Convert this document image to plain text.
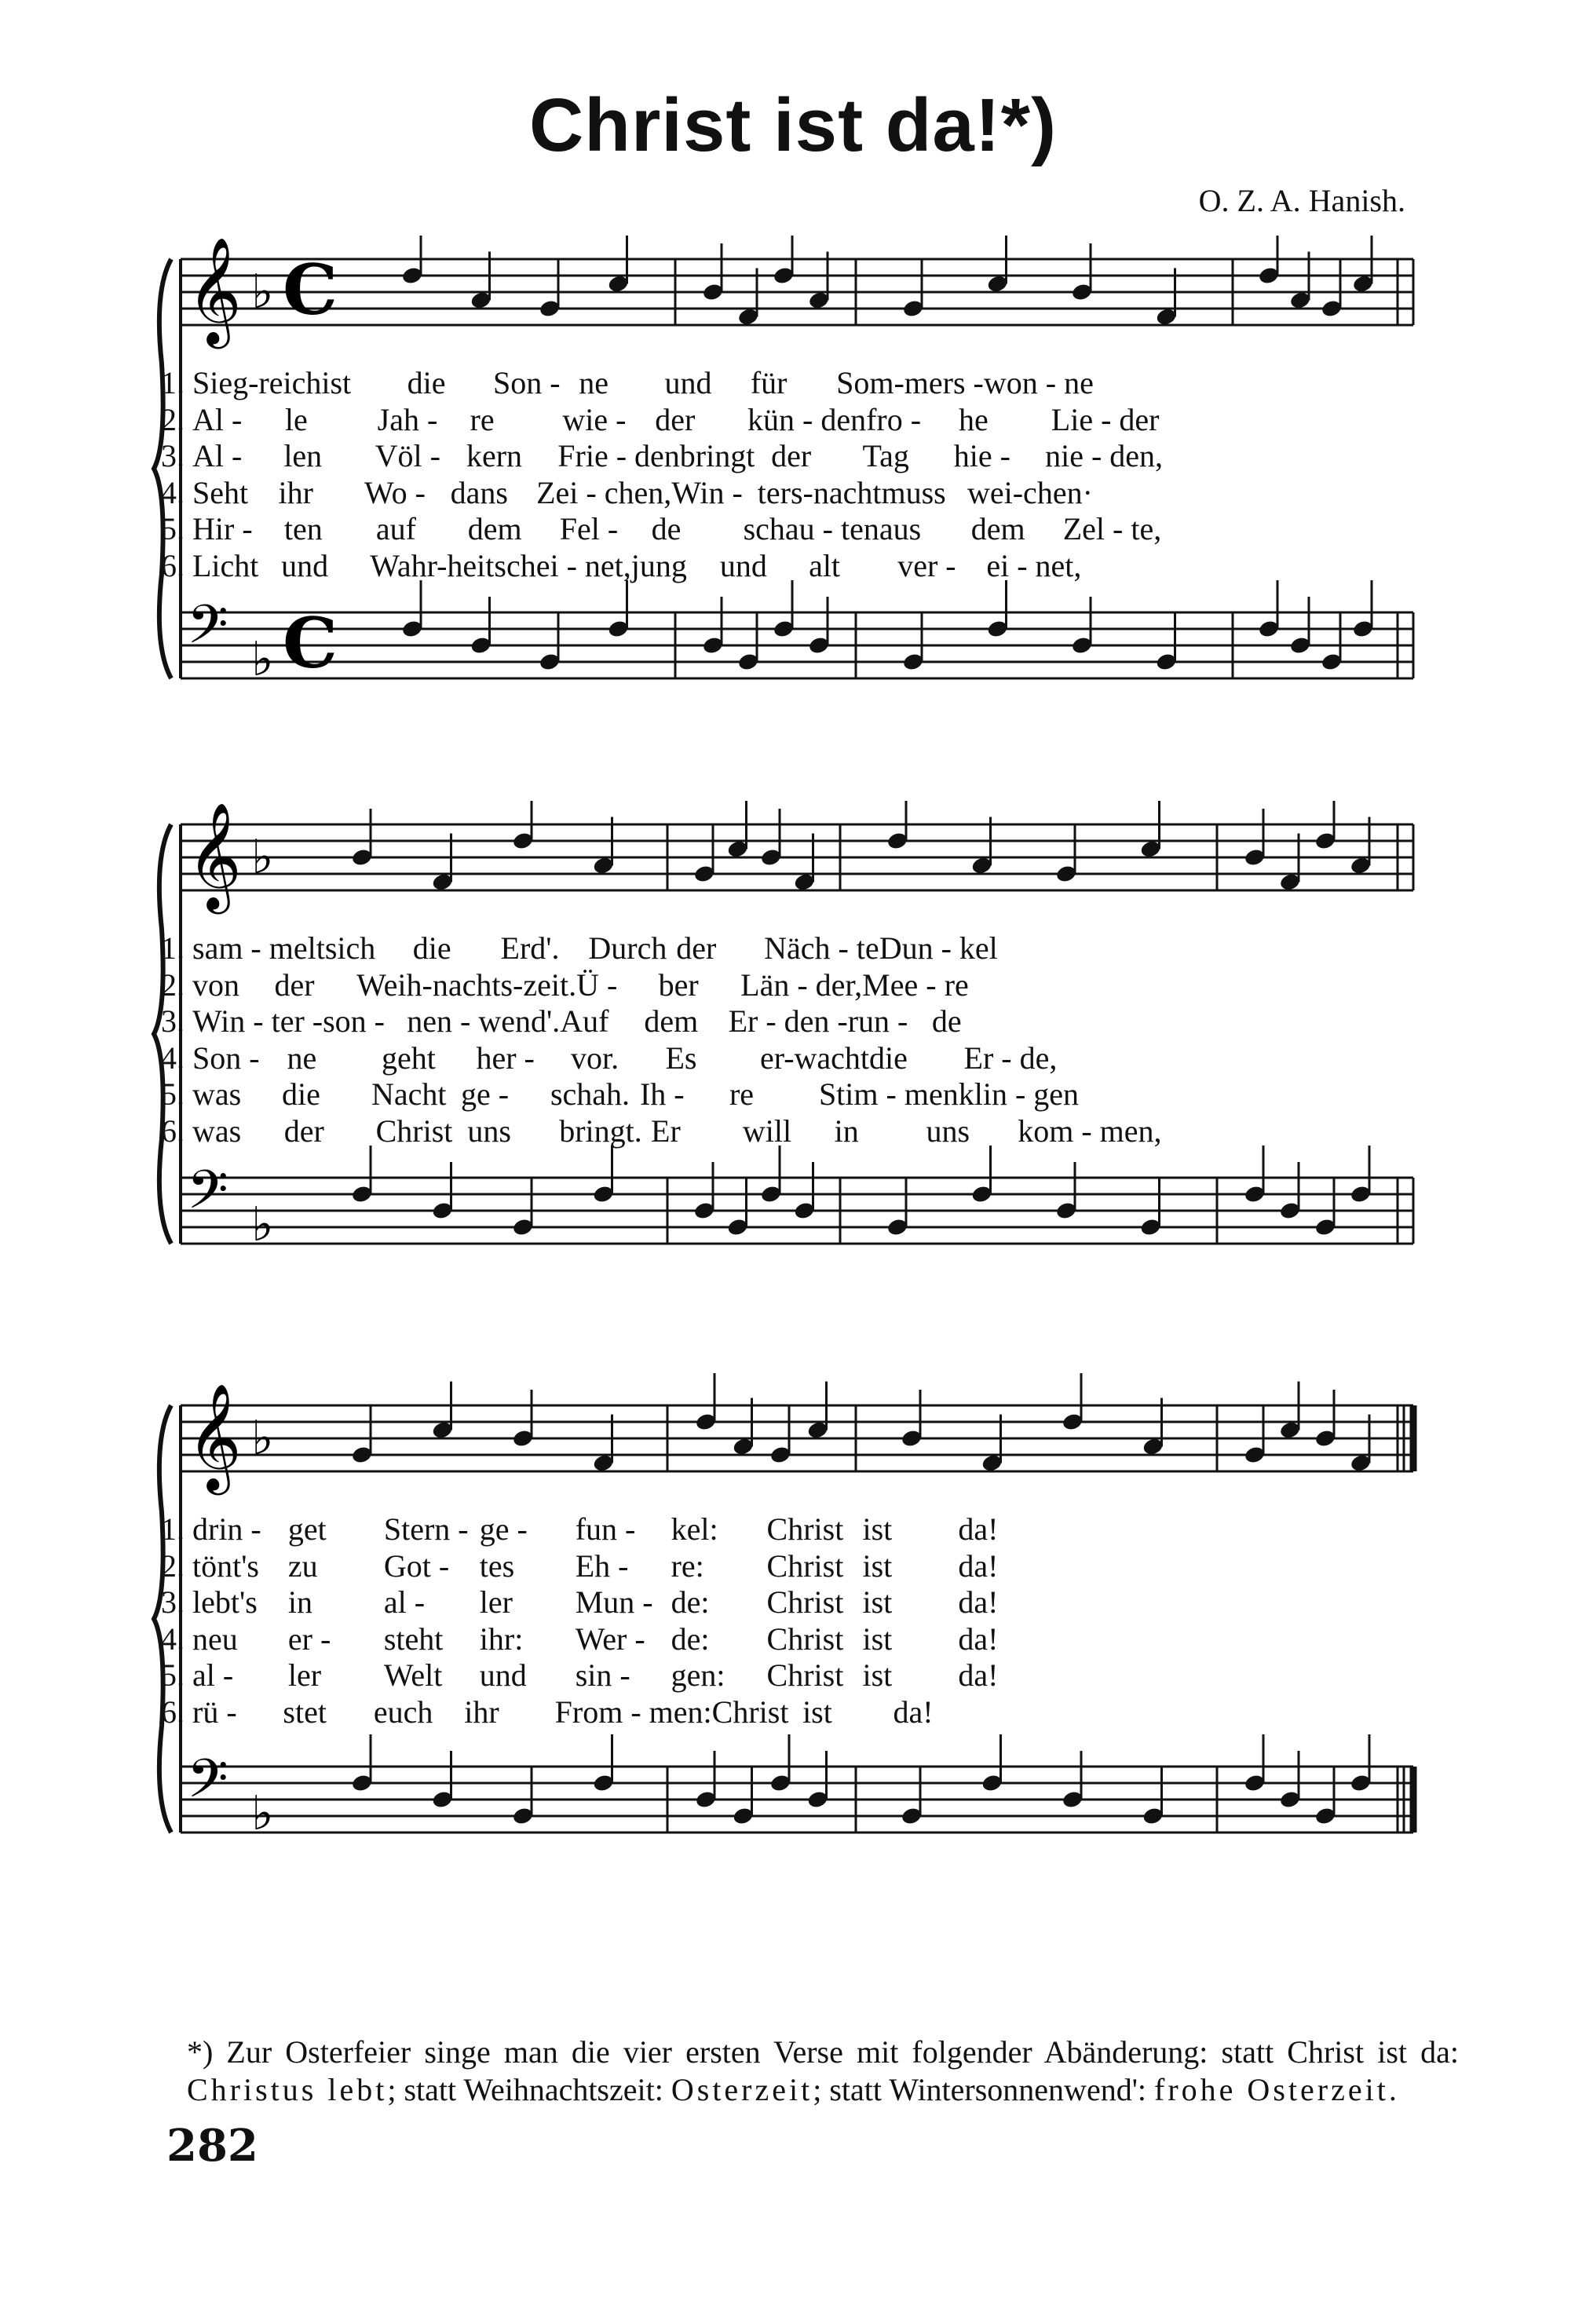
Christ ist da!*)
O. Z. A. Hanish.
𝄞 ♭ C
𝄢 ♭ C
1. Sieg-reich ist	die	Son - ne	und	für	Som-mers - won - ne
2. Al -	le	Jah -	re	wie - der	kün - den fro -	he	Lie - der
3. Al -	len	Völ - kern	Frie - den bringt der	Tag	hie -	nie - den,
4. Seht ihr	Wo - dans Zei - chen, Win - ters-nacht muss wei-chen·
5. Hir -	ten	auf	dem	Fel -	de	schau - ten aus	dem	Zel - te,
6. Licht und	Wahr-heit schei - net, jung	und	alt	ver - ei - net,
𝄞 ♭
𝄢 ♭
1. sam - melt sich	die	Erd'. Durch der	Näch - te Dun - kel
2. von	der	Weih-nachts-zeit. Ü -	ber	Län - der, Mee - re
3. Win - ter - son - nen - wend'. Auf	dem Er - den - run - de
4. Son - ne	geht	her -	vor.	Es	er-wacht die	Er - de,
5. was	die	Nacht ge -	schah. Ih -	re	Stim - men klin - gen
6. was	der	Christ uns	bringt. Er	will	in	uns	kom - men,
𝄞 ♭
𝄢 ♭
1. drin - get	Stern - ge -	fun -	kel:	Christ ist	da!
2. tönt's zu	Got - tes	Eh -	re:	Christ ist	da!
3. lebt's in	al -	ler	Mun - de:	Christ ist	da!
4. neu	er -	steht	ihr:	Wer - de:	Christ ist	da!
5. al -	ler	Welt	und	sin -	gen:	Christ ist	da!
6. rü -	stet	euch ihr	From - men: Christ ist	da!
*) Zur Osterfeier singe man die vier ersten Verse mit folgender Abänderung: statt Christ ist da: Christus lebt; statt Weihnachtszeit: Osterzeit; statt Wintersonnenwend': frohe Osterzeit.
282
